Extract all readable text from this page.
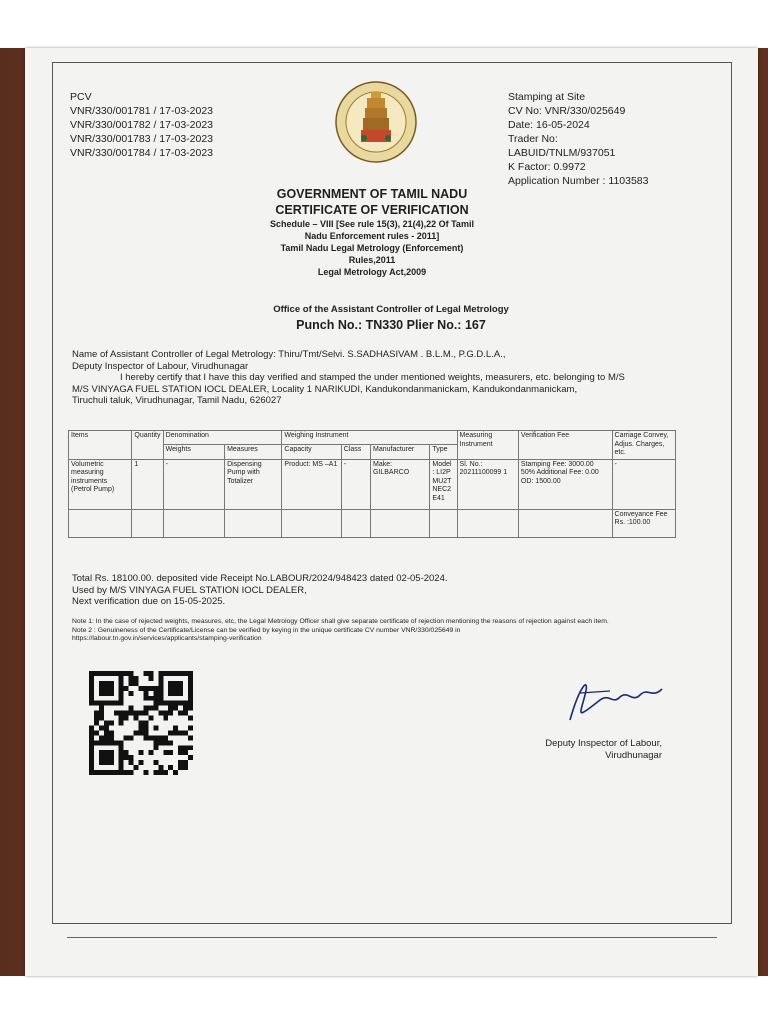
PCV
VNR/330/001781 / 17-03-2023
VNR/330/001782 / 17-03-2023
VNR/330/001783 / 17-03-2023
VNR/330/001784 / 17-03-2023
Stamping at Site
CV No: VNR/330/025649
Date: 16-05-2024
Trader No:
LABUID/TNLM/937051
K Factor: 0.9972
Application Number : 1103583
GOVERNMENT OF TAMIL NADU
CERTIFICATE OF VERIFICATION
Schedule – VIII [See rule 15(3), 21(4),22 Of Tamil
Nadu Enforcement rules - 2011]
Tamil Nadu Legal Metrology (Enforcement)
Rules,2011
Legal Metrology Act,2009
Office of the Assistant Controller of Legal Metrology
Punch No.: TN330 Plier No.: 167

Name of Assistant Controller of Legal Metrology: Thiru/Tmt/Selvi. S.SADHASIVAM . B.L.M., P.G.D.L.A.,

Deputy Inspector of Labour, Virudhunagar

I hereby certify that I have this day verified and stamped the under mentioned weights, measurers, etc. belonging to M/S

M/S VINYAGA FUEL STATION IOCL DEALER, Locality 1 NARIKUDI, Kandukondanmanickam, Kandukondanmanickam,

Tiruchuli taluk, Virudhunagar, Tamil Nadu, 626027

Items	Quantity	Denomination		Weighing Instrument				Measuring Instrument	Verification Fee	Carriage Convey, Adjus. Charges, etc.
		Weights	Measures	Capacity	Class	Manufacturer	Type			
Volumetric measuring instruments (Petrol Pump)	1	-	Dispensing Pump with Totalizer	Product: MS –A1	-	Make: GILBARCO	Model : LI2P MU2T NEC2 E41	Sl. No.: 20211100099 1	Stamping Fee: 3000.00 50% Additional Fee: 0.00 OD: 1500.00	-
										Conveyance Fee Rs. :100.00
Total Rs. 18100.00. deposited vide Receipt No.LABOUR/2024/948423 dated 02-05-2024.
Used by M/S VINYAGA FUEL STATION IOCL DEALER,
Next verification due on 15-05-2025.
Note 1: In the case of rejected weights, measures, etc, the Legal Metrology Officer shall give separate certificate of rejection mentioning the reasons of rejection against each item.
Note 2 : Genuineness of the Certificate/License can be verified by keying in the unique certificate CV number VNR/330/025649 in
https://labour.tn.gov.in/services/applicants/stamping-verification
Deputy Inspector of Labour,
Virudhunagar
